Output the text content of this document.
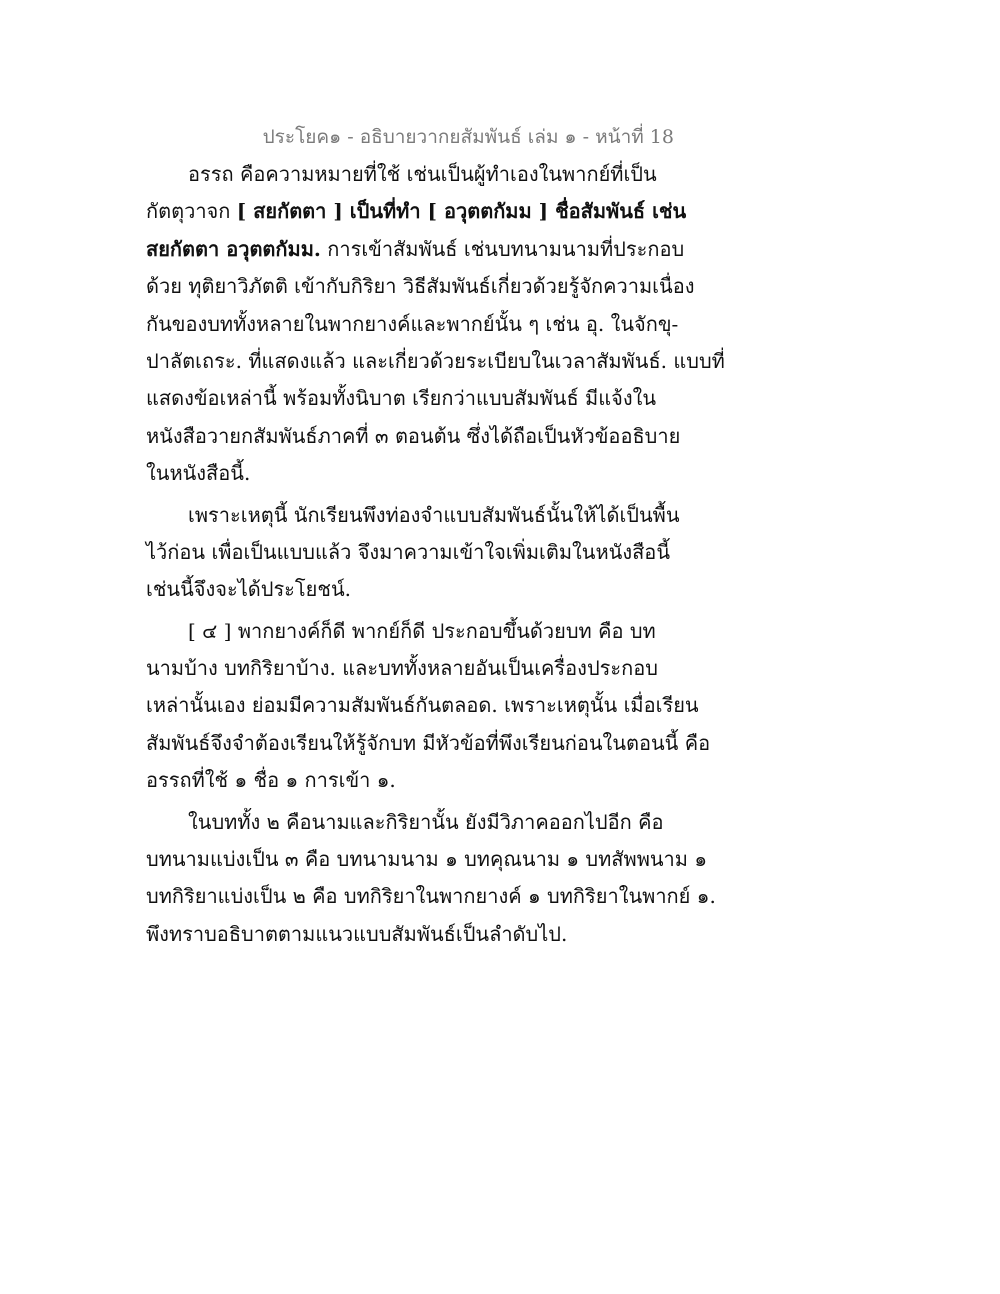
ประโยค๑ - อธิบายวากยสัมพันธ์ เล่ม ๑ - หน้าที่ 18
อรรถ คือความหมายที่ใช้ เช่นเป็นผู้ทำเองในพากย์ที่เป็น
กัตตุวาจก [ สยกัตตา ] เป็นที่ทำ [ อวุตตกัมม ] ชื่อสัมพันธ์ เช่น
สยกัตตา อวุตตกัมม. การเข้าสัมพันธ์ เช่นบทนามนามที่ประกอบ
ด้วย ทุติยาวิภัตติ เข้ากับกิริยา วิธีสัมพันธ์เกี่ยวด้วยรู้จักความเนื่อง
กันของบททั้งหลายในพากยางค์และพากย์นั้น ๆ เช่น อุ. ในจักขุ-
ปาลัตเถระ. ที่แสดงแล้ว และเกี่ยวด้วยระเบียบในเวลาสัมพันธ์. แบบที่
แสดงข้อเหล่านี้ พร้อมทั้งนิบาต เรียกว่าแบบสัมพันธ์ มีแจ้งใน
หนังสือวายกสัมพันธ์ภาคที่ ๓ ตอนต้น ซึ่งได้ถือเป็นหัวข้ออธิบาย
ในหนังสือนี้.
เพราะเหตุนี้ นักเรียนพึงท่องจำแบบสัมพันธ์นั้นให้ได้เป็นพื้น
ไว้ก่อน เพื่อเป็นแบบแล้ว จึงมาความเข้าใจเพิ่มเติมในหนังสือนี้
เช่นนี้จึงจะได้ประโยชน์.
[ ๔ ] พากยางค์ก็ดี พากย์ก็ดี ประกอบขึ้นด้วยบท คือ บท
นามบ้าง บทกิริยาบ้าง. และบททั้งหลายอันเป็นเครื่องประกอบ
เหล่านั้นเอง ย่อมมีความสัมพันธ์กันตลอด. เพราะเหตุนั้น เมื่อเรียน
สัมพันธ์จึงจำต้องเรียนให้รู้จักบท มีหัวข้อที่พึงเรียนก่อนในตอนนี้ คือ
อรรถที่ใช้ ๑ ชื่อ ๑ การเข้า ๑.
ในบททั้ง ๒ คือนามและกิริยานั้น ยังมีวิภาคออกไปอีก คือ
บทนามแบ่งเป็น ๓ คือ บทนามนาม ๑ บทคุณนาม ๑ บทสัพพนาม ๑
บทกิริยาแบ่งเป็น ๒ คือ บทกิริยาในพากยางค์ ๑ บทกิริยาในพากย์ ๑.
พึงทราบอธิบาตตามแนวแบบสัมพันธ์เป็นลำดับไป.
